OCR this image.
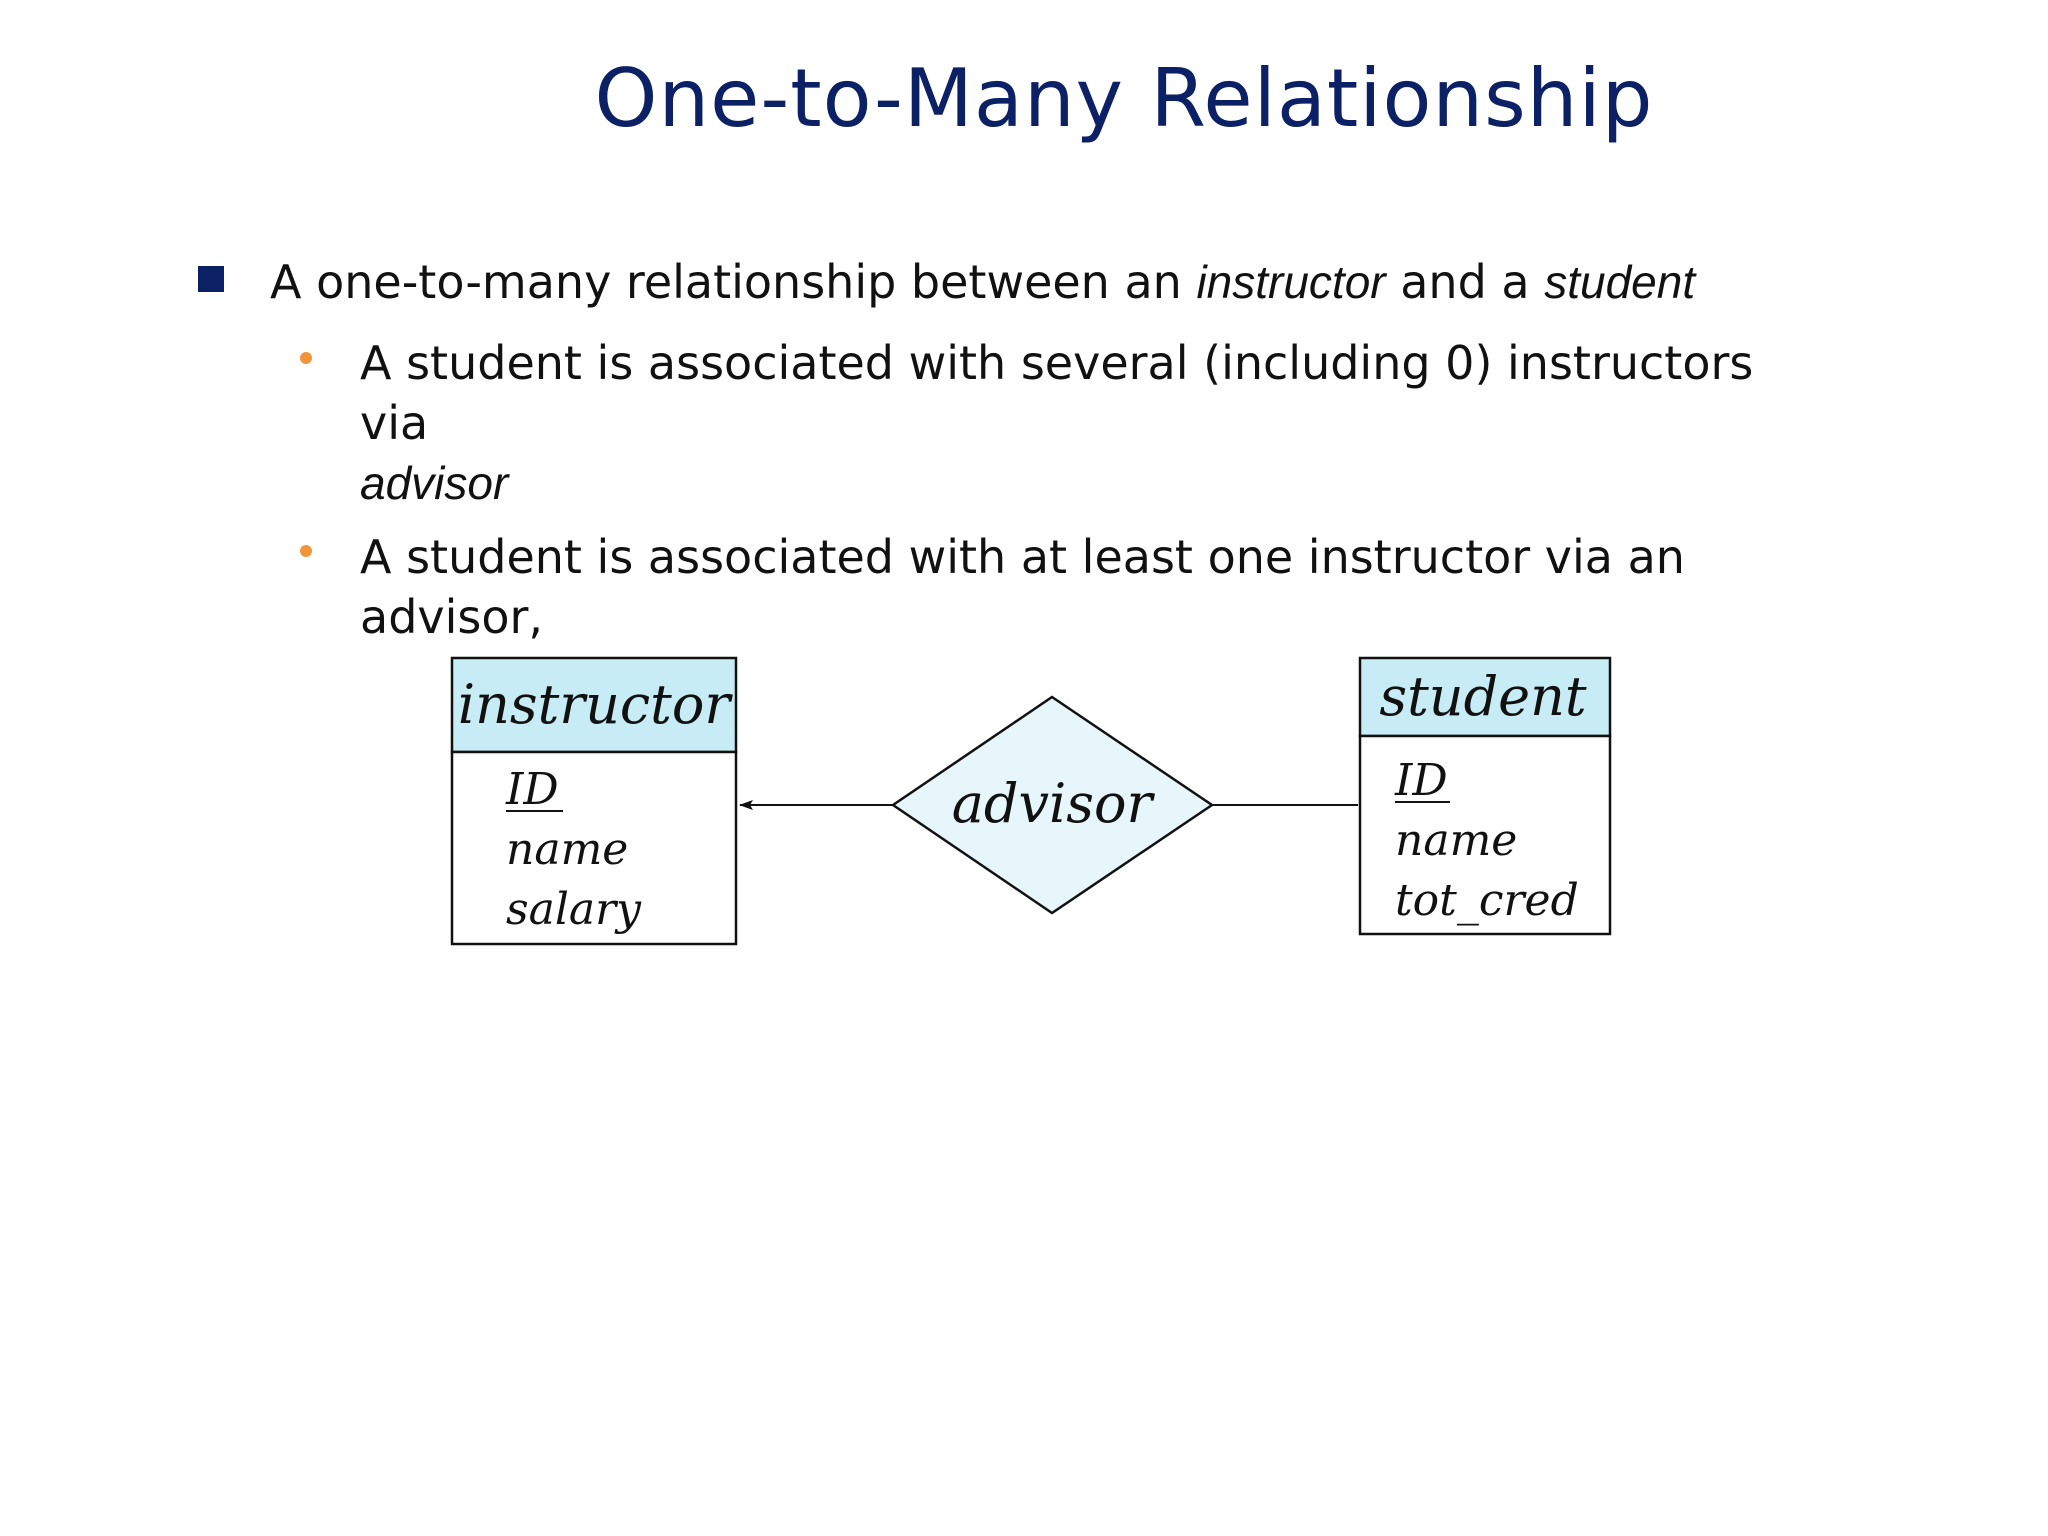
One-to-Many Relationship
A one-to-many relationship between an instructor and a student
A student is associated with several (including 0) instructors
via
advisor
A student is associated with at least one instructor via an
advisor,
instructor
ID
name
salary
advisor
student
ID
name
tot_cred
